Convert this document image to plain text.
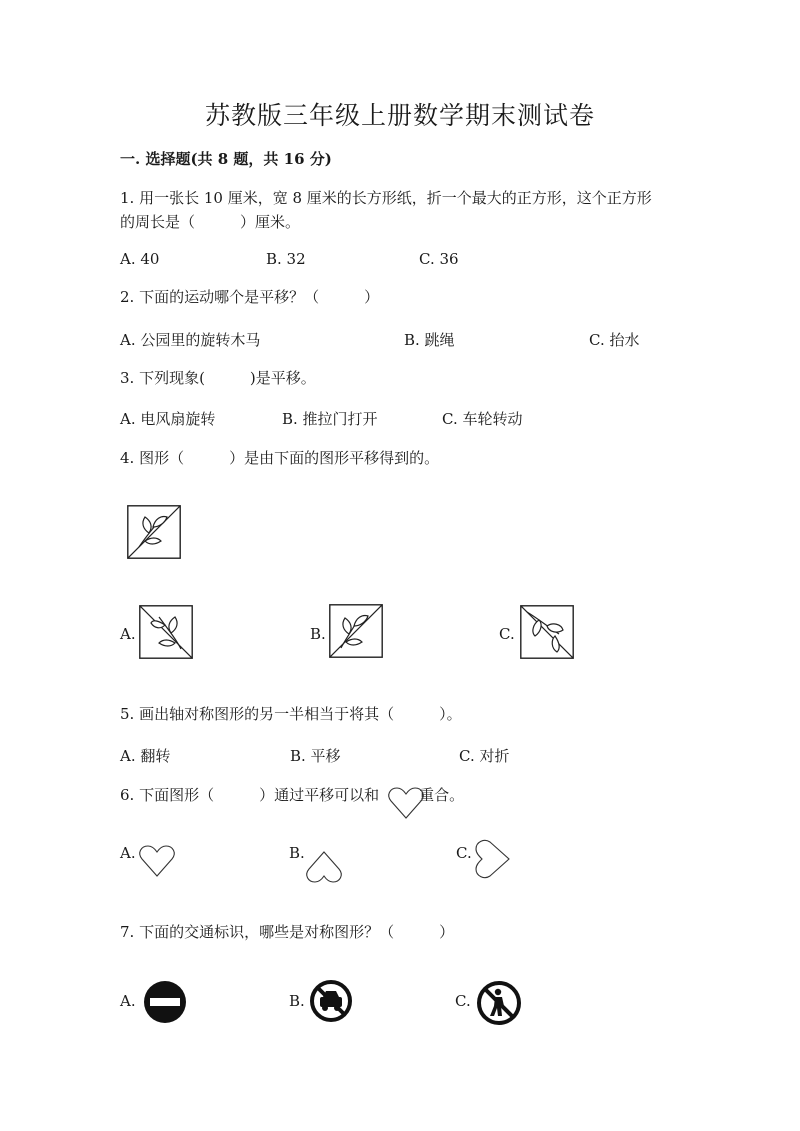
苏教版三年级上册数学期末测试卷
一. 选择题(共 8 题，共 16 分)
1. 用一张长 10 厘米，宽 8 厘米的长方形纸，折一个最大的正方形，这个正方形
的周长是（　　　）厘米。
A. 40	B. 32	C. 36
2. 下面的运动哪个是平移？（　　　）
A. 公园里的旋转木马	B. 跳绳	C. 抬水
3. 下列现象(　　　)是平移。
A. 电风扇旋转	B. 推拉门打开	C. 车轮转动
4. 图形（　　　）是由下面的图形平移得到的。
A.	B.	C.
5. 画出轴对称图形的另一半相当于将其（　　　）。
A. 翻转	B. 平移	C. 对折
6. 下面图形（　　　）通过平移可以和	重合。
A.	B.	C.
7. 下面的交通标识，哪些是对称图形？（　　　）
A.	B.	C.
